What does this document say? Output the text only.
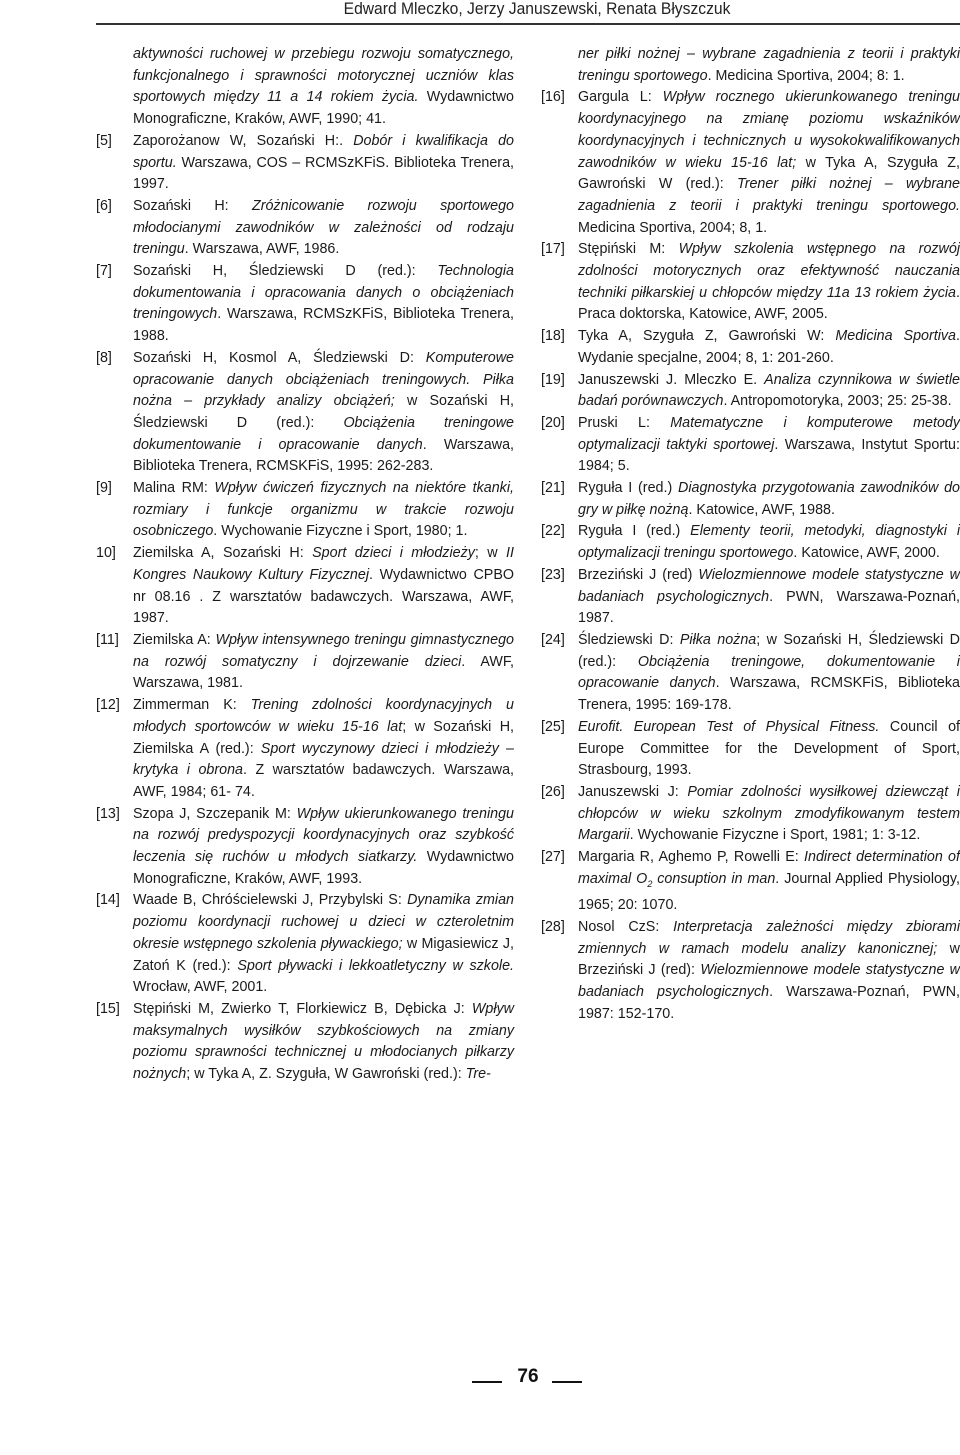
Edward Mleczko, Jerzy Januszewski, Renata Błyszczuk
aktywności ruchowej w przebiegu rozwoju somatycznego, funkcjonalnego i sprawności motorycznej uczniów klas sportowych między 11 a 14 rokiem życia. Wydawnictwo Monograficzne, Kraków, AWF, 1990; 41.
[5] Zaporożanow W, Sozański H:. Dobór i kwalifikacja do sportu. Warszawa, COS – RCMSzKFiS. Biblioteka Trenera, 1997.
[6] Sozański H: Zróżnicowanie rozwoju sportowego młodocianymi zawodników w zależności od rodzaju treningu. Warszawa, AWF, 1986.
[7] Sozański H, Śledziewski D (red.): Technologia dokumentowania i opracowania danych o obciążeniach treningowych. Warszawa, RCMSzKFiS, Biblioteka Trenera, 1988.
[8] Sozański H, Kosmol A, Śledziewski D: Komputerowe opracowanie danych obciążeniach treningowych. Piłka nożna – przykłady analizy obciążeń; w Sozański H, Śledziewski D (red.): Obciążenia treningowe dokumentowanie i opracowanie danych. Warszawa, Biblioteka Trenera, RCMSKFiS, 1995: 262-283.
[9] Malina RM: Wpływ ćwiczeń fizycznych na niektóre tkanki, rozmiary i funkcje organizmu w trakcie rozwoju osobniczego. Wychowanie Fizyczne i Sport, 1980; 1.
10] Ziemilska A, Sozański H: Sport dzieci i młodzieży; w II Kongres Naukowy Kultury Fizycznej. Wydawnictwo CPBO nr 08.16 . Z warsztatów badawczych. Warszawa, AWF, 1987.
[11] Ziemilska A: Wpływ intensywnego treningu gimnastycznego na rozwój somatyczny i dojrzewanie dzieci. AWF, Warszawa, 1981.
[12] Zimmerman K: Trening zdolności koordynacyjnych u młodych sportowców w wieku 15-16 lat; w Sozański H, Ziemilska A (red.): Sport wyczynowy dzieci i młodzieży – krytyka i obrona. Z warsztatów badawczych. Warszawa, AWF, 1984; 61- 74.
[13] Szopa J, Szczepanik M: Wpływ ukierunkowanego treningu na rozwój predyspozycji koordynacyjnych oraz szybkość leczenia się ruchów u młodych siatkarzy. Wydawnictwo Monograficzne, Kraków, AWF, 1993.
[14] Waade B, Chróścielewski J, Przybylski S: Dynamika zmian poziomu koordynacji ruchowej u dzieci w czteroletnim okresie wstępnego szkolenia pływackiego; w Migasiewicz J, Zatoń K (red.): Sport pływacki i lekkoatletyczny w szkole. Wrocław, AWF, 2001.
[15] Stępiński M, Zwierko T, Florkiewicz B, Dębicka J: Wpływ maksymalnych wysiłków szybkościowych na zmiany poziomu sprawności technicznej u młodocianych piłkarzy nożnych; w Tyka A, Z. Szyguła, W Gawroński (red.): Tre-
ner piłki nożnej – wybrane zagadnienia z teorii i praktyki treningu sportowego. Medicina Sportiva, 2004; 8: 1.
[16] Gargula L: Wpływ rocznego ukierunkowanego treningu koordynacyjnego na zmianę poziomu wskaźników koordynacyjnych i technicznych u wysokokwalifikowanych zawodników w wieku 15-16 lat; w Tyka A, Szyguła Z, Gawroński W (red.): Trener piłki nożnej – wybrane zagadnienia z teorii i praktyki treningu sportowego. Medicina Sportiva, 2004; 8, 1.
[17] Stępiński M: Wpływ szkolenia wstępnego na rozwój zdolności motorycznych oraz efektywność nauczania techniki piłkarskiej u chłopców między 11a 13 rokiem życia. Praca doktorska, Katowice, AWF, 2005.
[18] Tyka A, Szyguła Z, Gawroński W: Medicina Sportiva. Wydanie specjalne, 2004; 8, 1: 201-260.
[19] Januszewski J. Mleczko E. Analiza czynnikowa w świetle badań porównawczych. Antropomotoryka, 2003; 25: 25-38.
[20] Pruski L: Matematyczne i komputerowe metody optymalizacji taktyki sportowej. Warszawa, Instytut Sportu: 1984; 5.
[21] Ryguła I (red.) Diagnostyka przygotowania zawodników do gry w piłkę nożną. Katowice, AWF, 1988.
[22] Ryguła I (red.) Elementy teorii, metodyki, diagnostyki i optymalizacji treningu sportowego. Katowice, AWF, 2000.
[23] Brzeziński J (red) Wielozmiennowe modele statystyczne w badaniach psychologicznych. PWN, Warszawa-Poznań, 1987.
[24] Śledziewski D: Piłka nożna; w Sozański H, Śledziewski D (red.): Obciążenia treningowe, dokumentowanie i opracowanie danych. Warszawa, RCMSKFiS, Biblioteka Trenera, 1995: 169-178.
[25] Eurofit. European Test of Physical Fitness. Council of Europe Committee for the Development of Sport, Strasbourg, 1993.
[26] Januszewski J: Pomiar zdolności wysiłkowej dziewcząt i chłopców w wieku szkolnym zmodyfikowanym testem Margarii. Wychowanie Fizyczne i Sport, 1981; 1: 3-12.
[27] Margaria R, Aghemo P, Rowelli E: Indirect determination of maximal $O_2$ consuption in man. Journal Applied Physiology, 1965; 20: 1070.
[28] Nosol CzS: Interpretacja zależności między zbiorami zmiennych w ramach modelu analizy kanonicznej; w Brzeziński J (red): Wielozmiennowe modele statystyczne w badaniach psychologicznych. Warszawa-Poznań, PWN, 1987: 152-170.
76
